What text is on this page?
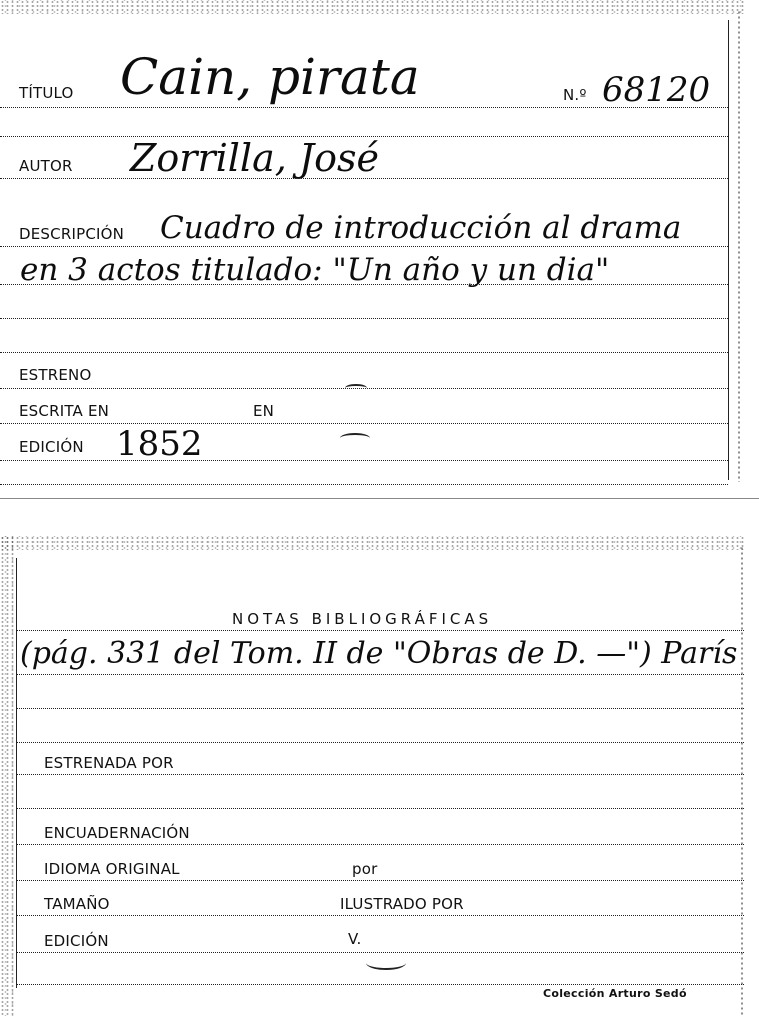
TÍTULO Cain, pirata	N.º 68120
AUTOR Zorrilla, José
DESCRIPCIÓN Cuadro de introducción al drama
en 3 actos titulado: "Un año y un dia"
ESTRENO
ESCRITA EN	EN
EDICIÓN 1852
NOTAS BIBLIOGRÁFICAS
(pág. 331 del Tom. II de "Obras de D. —") París
ESTRENADA POR
ENCUADERNACIÓN
IDIOMA ORIGINAL	por
TAMAÑO	ILUSTRADO POR
EDICIÓN	V.
Colección Arturo Sedó
